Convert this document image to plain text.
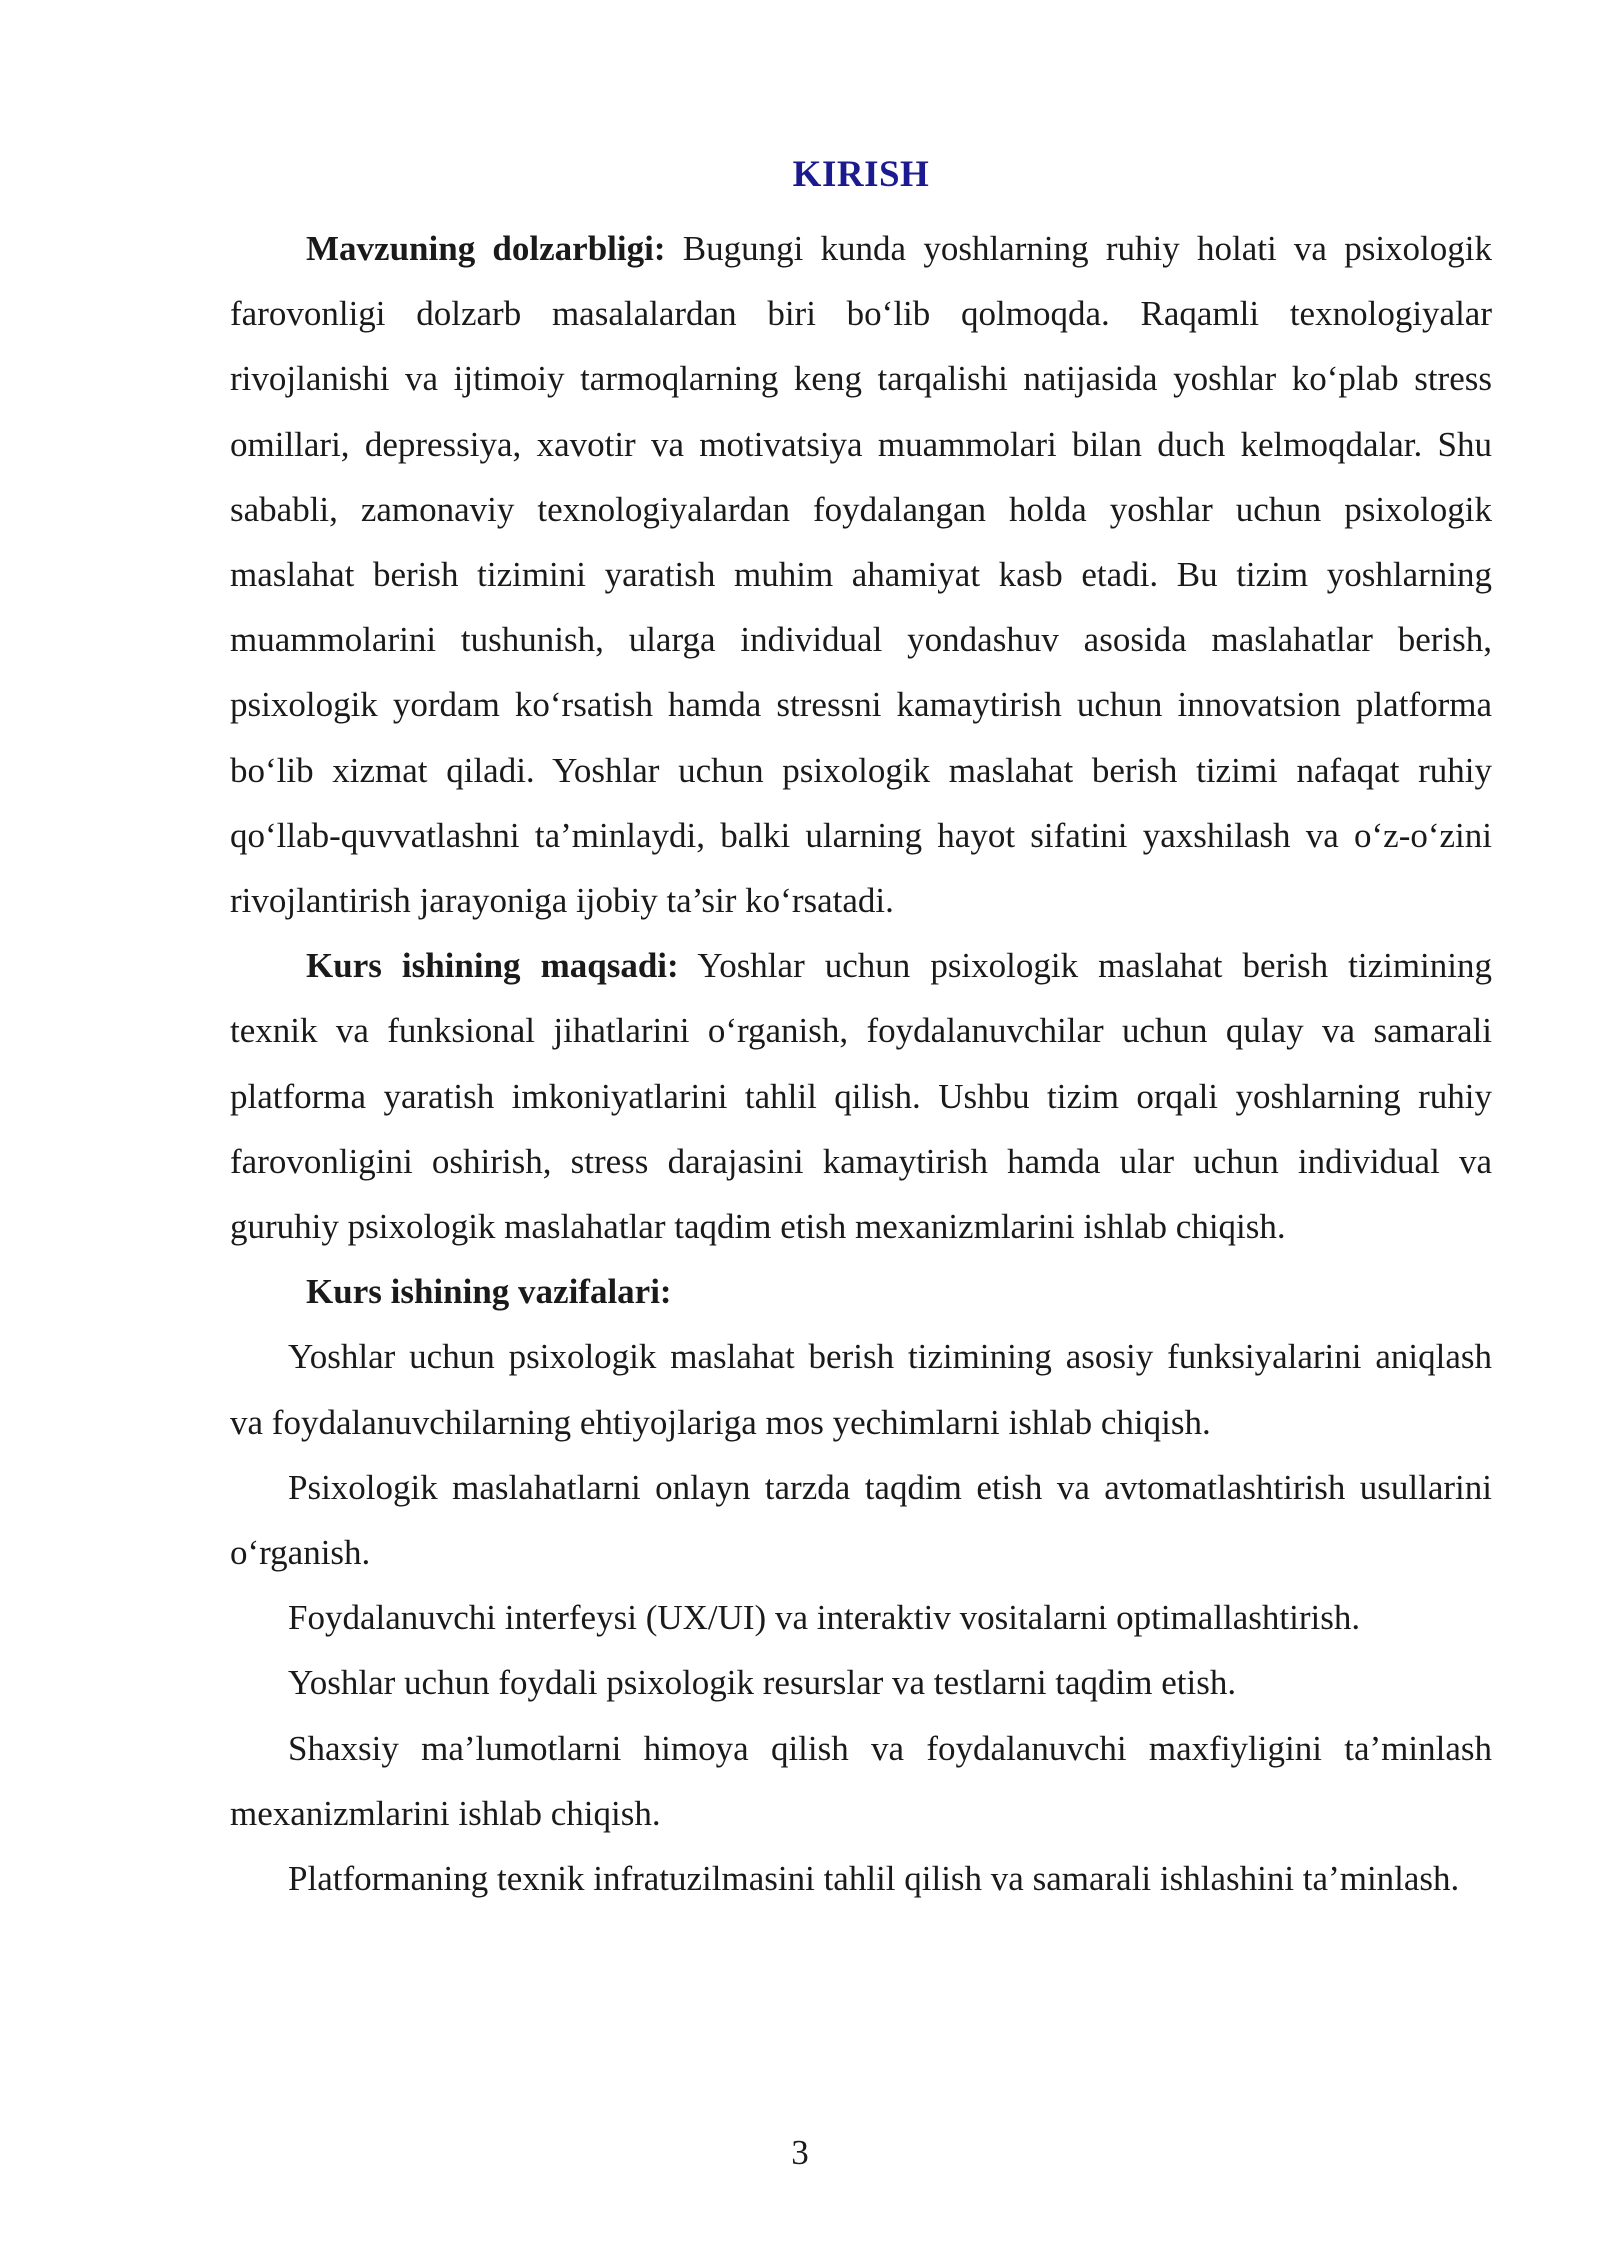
KIRISH

Mavzuning dolzarbligi: Bugungi kunda yoshlarning ruhiy holati va psixologik farovonligi dolzarb masalalardan biri bo‘lib qolmoqda. Raqamli texnologiyalar rivojlanishi va ijtimoiy tarmoqlarning keng tarqalishi natijasida yoshlar ko‘plab stress omillari, depressiya, xavotir va motivatsiya muammolari bilan duch kelmoqdalar. Shu sababli, zamonaviy texnologiyalardan foydalangan holda yoshlar uchun psixologik maslahat berish tizimini yaratish muhim ahamiyat kasb etadi. Bu tizim yoshlarning muammolarini tushunish, ularga individual yondashuv asosida maslahatlar berish, psixologik yordam ko‘rsatish hamda stressni kamaytirish uchun innovatsion platforma bo‘lib xizmat qiladi. Yoshlar uchun psixologik maslahat berish tizimi nafaqat ruhiy qo‘llab-quvvatlashni ta’minlaydi, balki ularning hayot sifatini yaxshilash va o‘z-o‘zini rivojlantirish jarayoniga ijobiy ta’sir ko‘rsatadi.

Kurs ishining maqsadi: Yoshlar uchun psixologik maslahat berish tizimining texnik va funksional jihatlarini o‘rganish, foydalanuvchilar uchun qulay va samarali platforma yaratish imkoniyatlarini tahlil qilish. Ushbu tizim orqali yoshlarning ruhiy farovonligini oshirish, stress darajasini kamaytirish hamda ular uchun individual va guruhiy psixologik maslahatlar taqdim etish mexanizmlarini ishlab chiqish.

Kurs ishining vazifalari:

Yoshlar uchun psixologik maslahat berish tizimining asosiy funksiyalarini aniqlash va foydalanuvchilarning ehtiyojlariga mos yechimlarni ishlab chiqish.

Psixologik maslahatlarni onlayn tarzda taqdim etish va avtomatlashtirish usullarini o‘rganish.

Foydalanuvchi interfeysi (UX/UI) va interaktiv vositalarni optimallashtirish.

Yoshlar uchun foydali psixologik resurslar va testlarni taqdim etish.

Shaxsiy ma’lumotlarni himoya qilish va foydalanuvchi maxfiyligini ta’minlash mexanizmlarini ishlab chiqish.

Platformaning texnik infratuzilmasini tahlil qilish va samarali ishlashini ta’minlash.

3
